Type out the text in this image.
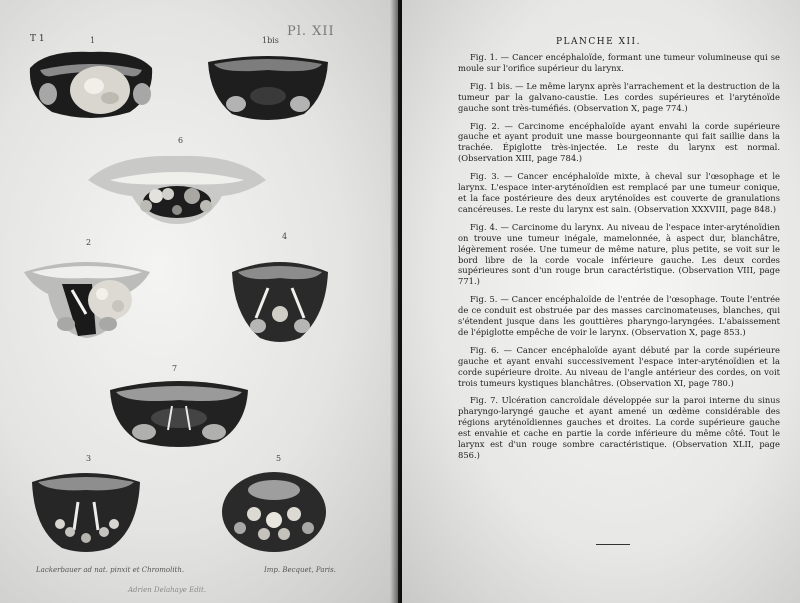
T 1	Pl. XII
1	1bis
6
2
4
7
3	5
Lackerbauer ad nat. pinxit et Chromolith.	Imp. Becquet, Paris.
Adrien Delahaye Edit.
PLANCHE XII.

Fig. 1. — Cancer encéphaloïde, formant une tumeur volumineuse qui se moule sur l'orifice supérieur du larynx.

Fig. 1 bis. — Le même larynx après l'arrachement et la destruction de la tumeur par la galvano-caustie. Les cordes supérieures et l'aryténoïde gauche sont très-tuméfiés. (Observation X, page 774.)

Fig. 2. — Carcinome encéphaloïde ayant envahi la corde supérieure gauche et ayant produit une masse bourgeonnante qui fait saillie dans la trachée. Épiglotte très-injectée. Le reste du larynx est normal. (Observation XIII, page 784.)

Fig. 3. — Cancer encéphaloïde mixte, à cheval sur l'œsophage et le larynx. L'espace inter-aryténoïdien est remplacé par une tumeur conique, et la face postérieure des deux aryténoïdes est couverte de granulations cancéreuses. Le reste du larynx est sain. (Observation XXXVIII, page 848.)

Fig. 4. — Carcinome du larynx. Au niveau de l'espace inter-aryténoïdien on trouve une tumeur inégale, mamelonnée, à aspect dur, blanchâtre, légèrement rosée. Une tumeur de même nature, plus petite, se voit sur le bord libre de la corde vocale inférieure gauche. Les deux cordes supérieures sont d'un rouge brun caractéristique. (Observation VIII, page 771.)

Fig. 5. — Cancer encéphaloïde de l'entrée de l'œsophage. Toute l'entrée de ce conduit est obstruée par des masses carcinomateuses, blanches, qui s'étendent jusque dans les gouttières pharyngo-laryngées. L'abaissement de l'épiglotte empêche de voir le larynx. (Observation X, page 853.)

Fig. 6. — Cancer encéphaloïde ayant débuté par la corde supérieure gauche et ayant envahi successivement l'espace inter-aryténoïdien et la corde supérieure droite. Au niveau de l'angle antérieur des cordes, on voit trois tumeurs kystiques blanchâtres. (Observation XI, page 780.)

Fig. 7. Ulcération cancroïdale développée sur la paroi interne du sinus pharyngo-laryngé gauche et ayant amené un œdème considérable des régions aryténoïdiennes gauches et droites. La corde supérieure gauche est envahie et cache en partie la corde inférieure du même côté. Tout le larynx est d'un rouge sombre caractéristique. (Observation XLII, page 856.)
